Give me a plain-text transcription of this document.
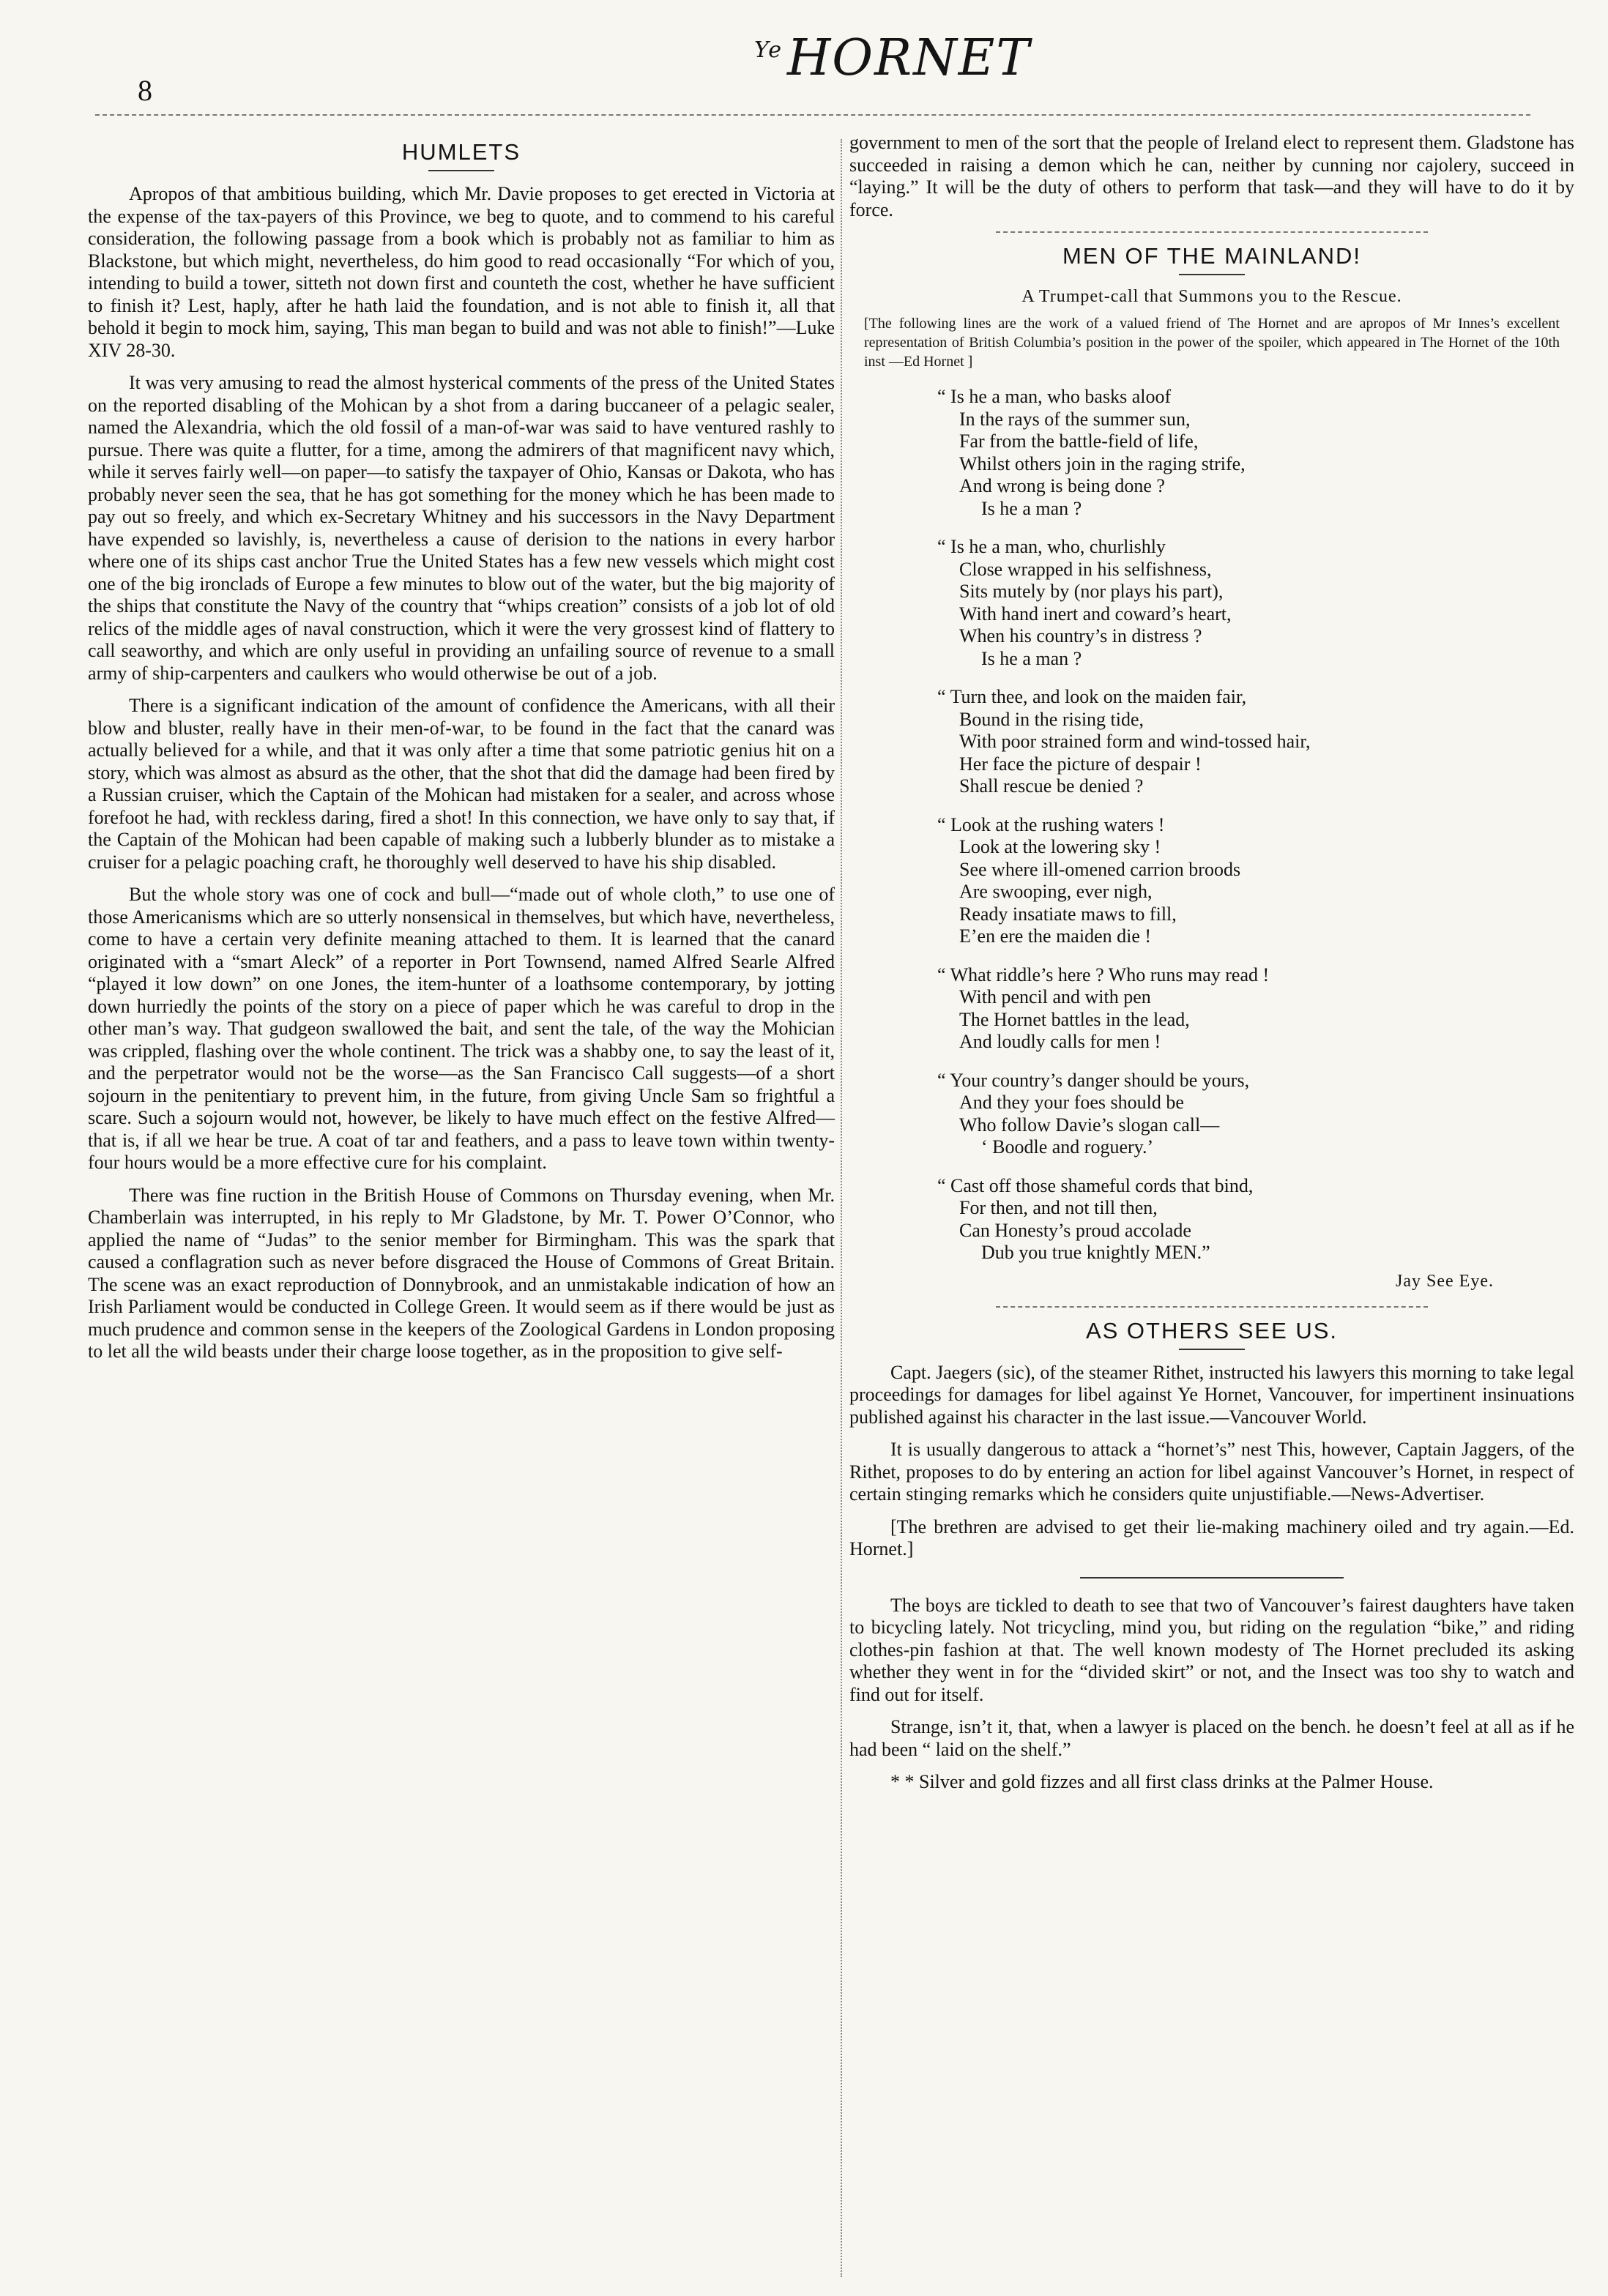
8
$^{Ye}$HORNET
HUMLETS

Apropos of that ambitious building, which Mr. Davie proposes to get erected in Victoria at the expense of the tax-payers of this Province, we beg to quote, and to commend to his careful consideration, the following passage from a book which is probably not as familiar to him as Blackstone, but which might, nevertheless, do him good to read occasionally “For which of you, intending to build a tower, sitteth not down first and counteth the cost, whether he have sufficient to finish it? Lest, haply, after he hath laid the foundation, and is not able to finish it, all that behold it begin to mock him, saying, This man began to build and was not able to finish!”—Luke XIV 28-30.

It was very amusing to read the almost hysterical comments of the press of the United States on the reported disabling of the Mohican by a shot from a daring buccaneer of a pelagic sealer, named the Alexandria, which the old fossil of a man-of-war was said to have ventured rashly to pursue. There was quite a flutter, for a time, among the admirers of that magnificent navy which, while it serves fairly well—on paper—to satisfy the taxpayer of Ohio, Kansas or Dakota, who has probably never seen the sea, that he has got something for the money which he has been made to pay out so freely, and which ex-Secretary Whitney and his successors in the Navy Department have expended so lavishly, is, nevertheless a cause of derision to the nations in every harbor where one of its ships cast anchor True the United States has a few new vessels which might cost one of the big ironclads of Europe a few minutes to blow out of the water, but the big majority of the ships that constitute the Navy of the country that “whips creation” consists of a job lot of old relics of the middle ages of naval construction, which it were the very grossest kind of flattery to call seaworthy, and which are only useful in providing an unfailing source of revenue to a small army of ship-carpenters and caulkers who would otherwise be out of a job.

There is a significant indication of the amount of confidence the Americans, with all their blow and bluster, really have in their men-of-war, to be found in the fact that the canard was actually believed for a while, and that it was only after a time that some patriotic genius hit on a story, which was almost as absurd as the other, that the shot that did the damage had been fired by a Russian cruiser, which the Captain of the Mohican had mistaken for a sealer, and across whose forefoot he had, with reckless daring, fired a shot! In this connection, we have only to say that, if the Captain of the Mohican had been capable of making such a lubberly blunder as to mistake a cruiser for a pelagic poaching craft, he thoroughly well deserved to have his ship disabled.

But the whole story was one of cock and bull—“made out of whole cloth,” to use one of those Americanisms which are so utterly nonsensical in themselves, but which have, nevertheless, come to have a certain very definite meaning attached to them. It is learned that the canard originated with a “smart Aleck” of a reporter in Port Townsend, named Alfred Searle Alfred “played it low down” on one Jones, the item-hunter of a loathsome contemporary, by jotting down hurriedly the points of the story on a piece of paper which he was careful to drop in the other man’s way. That gudgeon swallowed the bait, and sent the tale, of the way the Mohician was crippled, flashing over the whole continent. The trick was a shabby one, to say the least of it, and the perpetrator would not be the worse—as the San Francisco Call suggests—of a short sojourn in the penitentiary to prevent him, in the future, from giving Uncle Sam so frightful a scare. Such a sojourn would not, however, be likely to have much effect on the festive Alfred—that is, if all we hear be true. A coat of tar and feathers, and a pass to leave town within twenty-four hours would be a more effective cure for his complaint.

There was fine ruction in the British House of Commons on Thursday evening, when Mr. Chamberlain was interrupted, in his reply to Mr Gladstone, by Mr. T. Power O’Connor, who applied the name of “Judas” to the senior member for Birmingham. This was the spark that caused a conflagration such as never before disgraced the House of Commons of Great Britain. The scene was an exact reproduction of Donnybrook, and an unmistakable indication of how an Irish Parliament would be conducted in College Green. It would seem as if there would be just as much prudence and common sense in the keepers of the Zoological Gardens in London proposing to let all the wild beasts under their charge loose together, as in the proposition to give self-

government to men of the sort that the people of Ireland elect to represent them. Gladstone has succeeded in raising a demon which he can, neither by cunning nor cajolery, succeed in “laying.” It will be the duty of others to perform that task—and they will have to do it by force.

MEN OF THE MAINLAND!
A Trumpet-call that Summons you to the Rescue.

[The following lines are the work of a valued friend of The Hornet and are apropos of Mr Innes’s excellent representation of British Columbia’s position in the power of the spoiler, which appeared in The Hornet of the 10th inst —Ed Hornet ]

“ Is he a man, who basks aloof
In the rays of the summer sun,
Far from the battle-field of life,
Whilst others join in the raging strife,
And wrong is being done ?
Is he a man ?
“ Is he a man, who, churlishly
Close wrapped in his selfishness,
Sits mutely by (nor plays his part),
With hand inert and coward’s heart,
When his country’s in distress ?
Is he a man ?
“ Turn thee, and look on the maiden fair,
Bound in the rising tide,
With poor strained form and wind-tossed hair,
Her face the picture of despair !
Shall rescue be denied ?
“ Look at the rushing waters !
Look at the lowering sky !
See where ill-omened carrion broods
Are swooping, ever nigh,
Ready insatiate maws to fill,
E’en ere the maiden die !
“ What riddle’s here ? Who runs may read !
With pencil and with pen
The Hornet battles in the lead,
And loudly calls for men !
“ Your country’s danger should be yours,
And they your foes should be
Who follow Davie’s slogan call—
‘ Boodle and roguery.’
“ Cast off those shameful cords that bind,
For then, and not till then,
Can Honesty’s proud accolade
Dub you true knightly MEN.”
Jay See Eye.
AS OTHERS SEE US.

Capt. Jaegers (sic), of the steamer Rithet, instructed his lawyers this morning to take legal proceedings for damages for libel against Ye Hornet, Vancouver, for impertinent insinuations published against his character in the last issue.—Vancouver World.

It is usually dangerous to attack a “hornet’s” nest This, however, Captain Jaggers, of the Rithet, proposes to do by entering an action for libel against Vancouver’s Hornet, in respect of certain stinging remarks which he considers quite unjustifiable.—News-Advertiser.

[The brethren are advised to get their lie-making machinery oiled and try again.—Ed. Hornet.]

The boys are tickled to death to see that two of Vancouver’s fairest daughters have taken to bicycling lately. Not tricycling, mind you, but riding on the regulation “bike,” and riding clothes-pin fashion at that. The well known modesty of The Hornet precluded its asking whether they went in for the “divided skirt” or not, and the Insect was too shy to watch and find out for itself.

Strange, isn’t it, that, when a lawyer is placed on the bench. he doesn’t feel at all as if he had been “ laid on the shelf.”

* * Silver and gold fizzes and all first class drinks at the Palmer House.
